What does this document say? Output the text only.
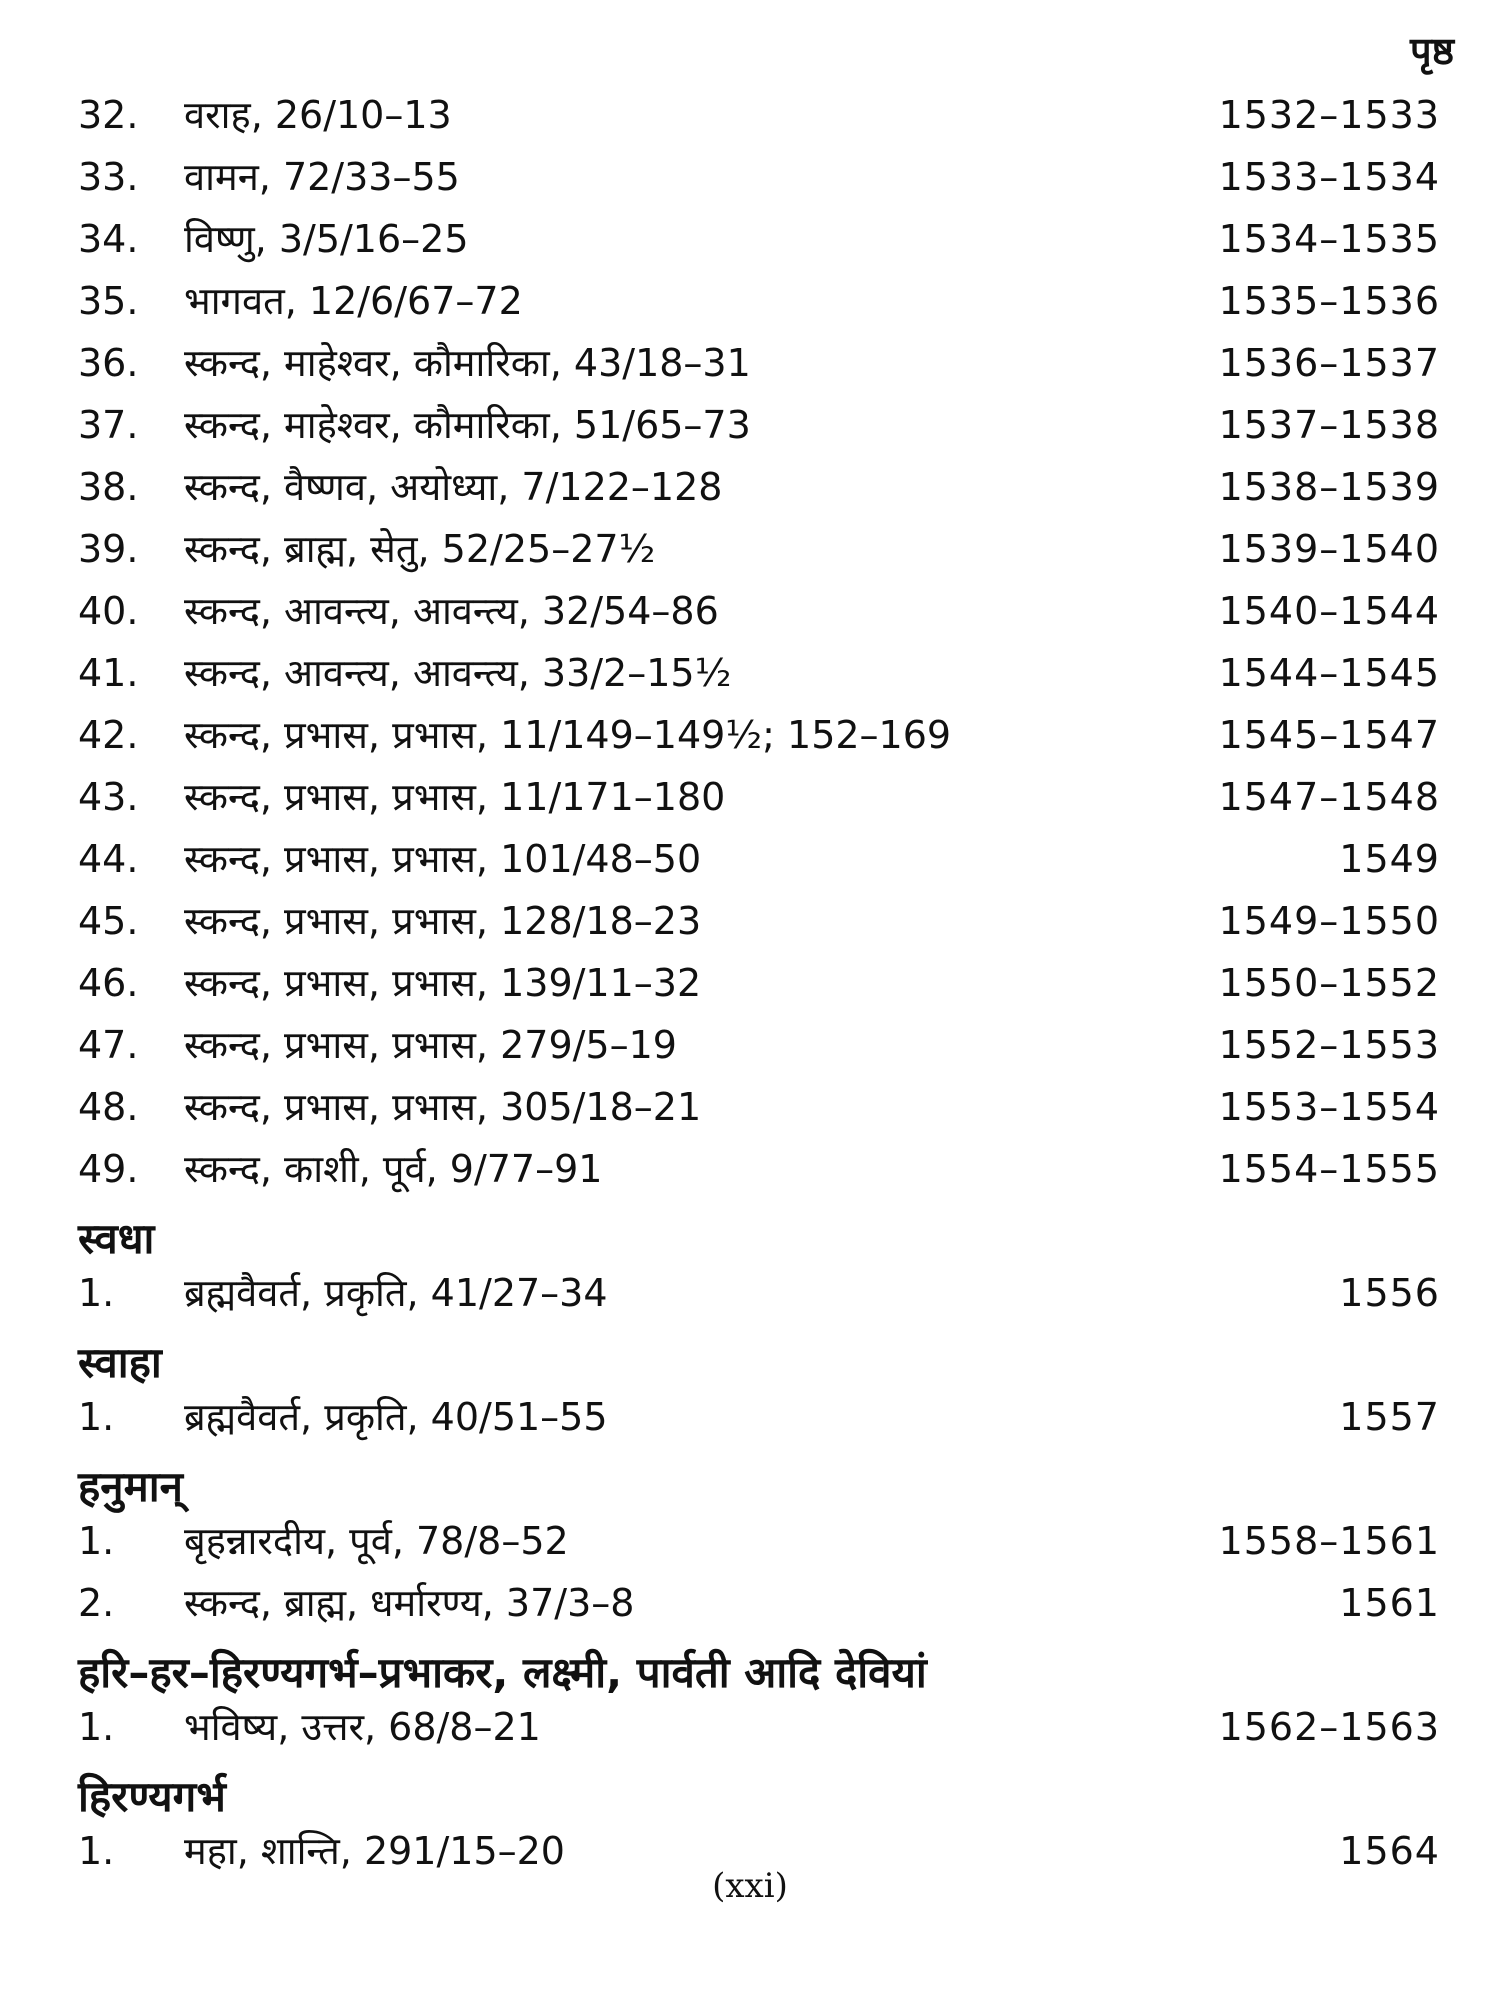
पृष्ठ
32.	वराह, 26/10–13	1532–1533
33.	वामन, 72/33–55	1533–1534
34.	विष्णु, 3/5/16–25	1534–1535
35.	भागवत, 12/6/67–72	1535–1536
36.	स्कन्द, माहेश्वर, कौमारिका, 43/18–31	1536–1537
37.	स्कन्द, माहेश्वर, कौमारिका, 51/65–73	1537–1538
38.	स्कन्द, वैष्णव, अयोध्या, 7/122–128	1538–1539
39.	स्कन्द, ब्राह्म, सेतु, 52/25–27½	1539–1540
40.	स्कन्द, आवन्त्य, आवन्त्य, 32/54–86	1540–1544
41.	स्कन्द, आवन्त्य, आवन्त्य, 33/2–15½	1544–1545
42.	स्कन्द, प्रभास, प्रभास, 11/149–149½; 152–169	1545–1547
43.	स्कन्द, प्रभास, प्रभास, 11/171–180	1547–1548
44.	स्कन्द, प्रभास, प्रभास, 101/48–50	1549
45.	स्कन्द, प्रभास, प्रभास, 128/18–23	1549–1550
46.	स्कन्द, प्रभास, प्रभास, 139/11–32	1550–1552
47.	स्कन्द, प्रभास, प्रभास, 279/5–19	1552–1553
48.	स्कन्द, प्रभास, प्रभास, 305/18–21	1553–1554
49.	स्कन्द, काशी, पूर्व, 9/77–91	1554–1555
स्वधा
1.	ब्रह्मवैवर्त, प्रकृति, 41/27–34	1556
स्वाहा
1.	ब्रह्मवैवर्त, प्रकृति, 40/51–55	1557
हनुमान्
1.	बृहन्नारदीय, पूर्व, 78/8–52	1558–1561
2.	स्कन्द, ब्राह्म, धर्मारण्य, 37/3–8	1561
हरि–हर–हिरण्यगर्भ–प्रभाकर, लक्ष्मी, पार्वती आदि देवियां
1.	भविष्य, उत्तर, 68/8–21	1562–1563
हिरण्यगर्भ
1.	महा, शान्ति, 291/15–20	1564
(xxi)
